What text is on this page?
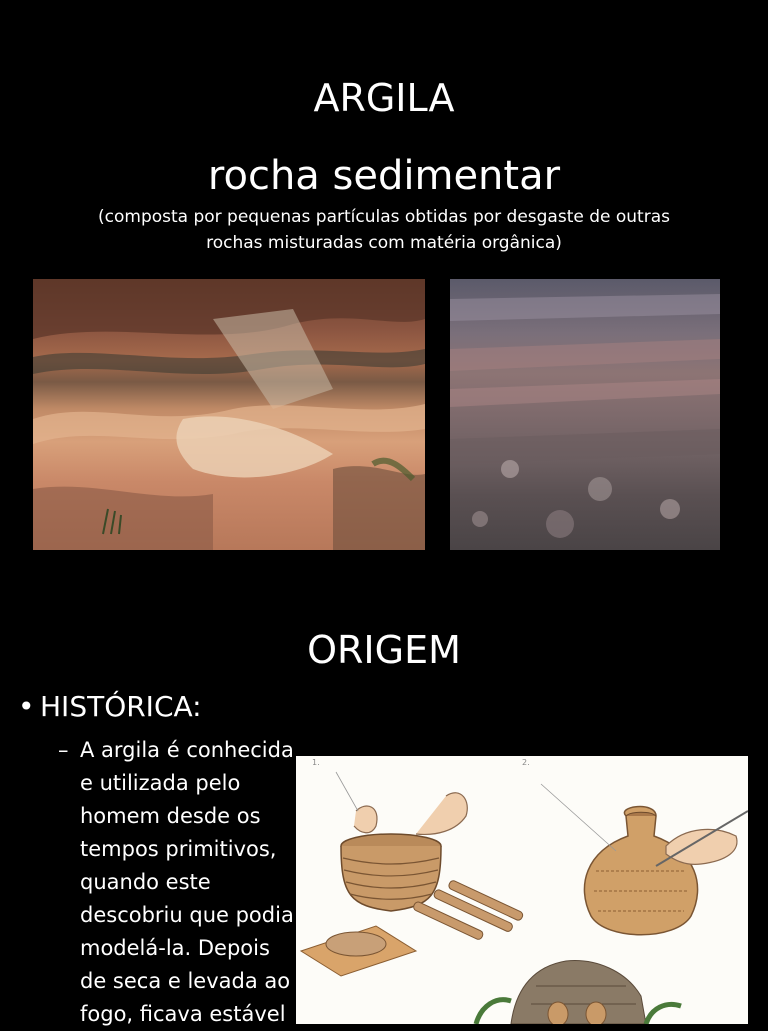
ARGILA
rocha sedimentar
(composta por pequenas partículas obtidas por desgaste de outras
rochas misturadas com matéria orgânica)
ORIGEM
• HISTÓRICA:
– A argila é conhecida
e utilizada pelo
homem desde os
tempos primitivos,
quando este
descobriu que podia
modelá-la. Depois
de seca e levada ao
fogo, ficava estável
1.	2.
